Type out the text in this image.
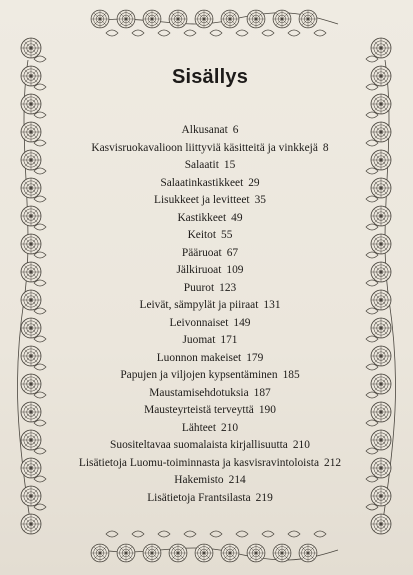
Sisällys
Alkusanat 6
Kasvisruokavalioon liittyviä käsitteitä ja vinkkejä 8
Salaatit 15
Salaatinkastikkeet 29
Lisukkeet ja levitteet 35
Kastikkeet 49
Keitot 55
Pääruoat 67
Jälkiruoat 109
Puurot 123
Leivät, sämpylät ja piiraat 131
Leivonnaiset 149
Juomat 171
Luonnon makeiset 179
Papujen ja viljojen kypsentäminen 185
Maustamisehdotuksia 187
Mausteyrteistä terveyttä 190
Lähteet 210
Suositeltavaa suomalaista kirjallisuutta 210
Lisätietoja Luomu-toiminnasta ja kasvisravintoloista 212
Hakemisto 214
Lisätietoja Frantsilasta 219
